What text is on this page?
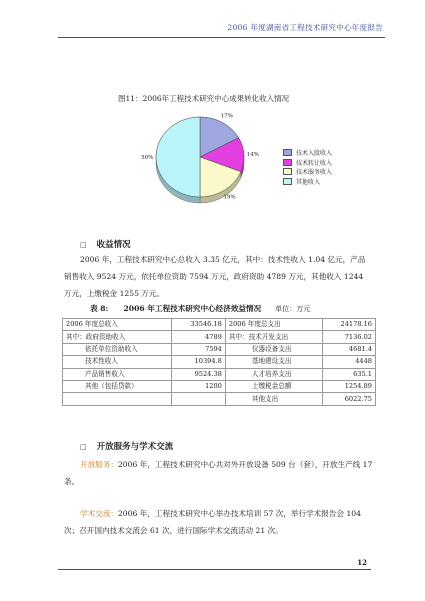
2006 年度湖南省工程技术研究中心年度报告
图11：2006年工程技术研究中心成果转化收入情况
17%
14%
19%
50%
技术入股收入
技术转让收入
技术服务收入
其他收入
□ 收益情况
2006 年，工程技术研究中心总收入 3.35 亿元，其中：技术性收入 1.04 亿元，产品销售收入 9524 万元，依托单位资助 7594 万元，政府资助 4789 万元，其他收入 1244 万元，上缴税金 1255 万元。
表 8:　　2006 年工程技术研究中心经济效益情况 单位：万元
2006 年度总收入	33546.18	2006 年度总支出	24178.16
其中：政府资助收入	4789	其中：技术开发支出	7136.02
依托单位资助收入	7594	仪器设备支出	4681.4
技术性收入	10394.8	基地建设支出	4448
产品销售收入	9524.38	人才培养支出	635.1
其他（包括贷款）	1200	上缴税金总额	1254.89
		其他支出	6022.75
□ 开放服务与学术交流
开放服务：2006 年，工程技术研究中心共对外开放设备 509 台（套），开放生产线 17 条。
学术交流：2006 年，工程技术研究中心举办技术培训 57 次，举行学术报告会 104 次；召开国内技术交流会 61 次，进行国际学术交流活动 21 次。
12
